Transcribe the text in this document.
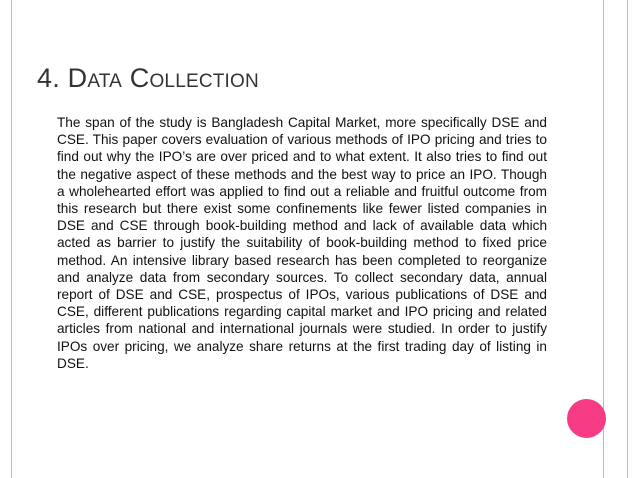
4. Data Collection

The span of the study is Bangladesh Capital Market, more specifically DSE and CSE. This paper covers evaluation of various methods of IPO pricing and tries to find out why the IPO’s are over priced and to what extent. It also tries to find out the negative aspect of these methods and the best way to price an IPO. Though a wholehearted effort was applied to find out a reliable and fruitful outcome from this research but there exist some confinements like fewer listed companies in DSE and CSE through book-building method and lack of available data which acted as barrier to justify the suitability of book-building method to fixed price method. An intensive library based research has been completed to reorganize and analyze data from secondary sources. To collect secondary data, annual report of DSE and CSE, prospectus of IPOs, various publications of DSE and CSE, different publications regarding capital market and IPO pricing and related articles from national and international journals were studied. In order to justify IPOs over pricing, we analyze share returns at the first trading day of listing in DSE.
